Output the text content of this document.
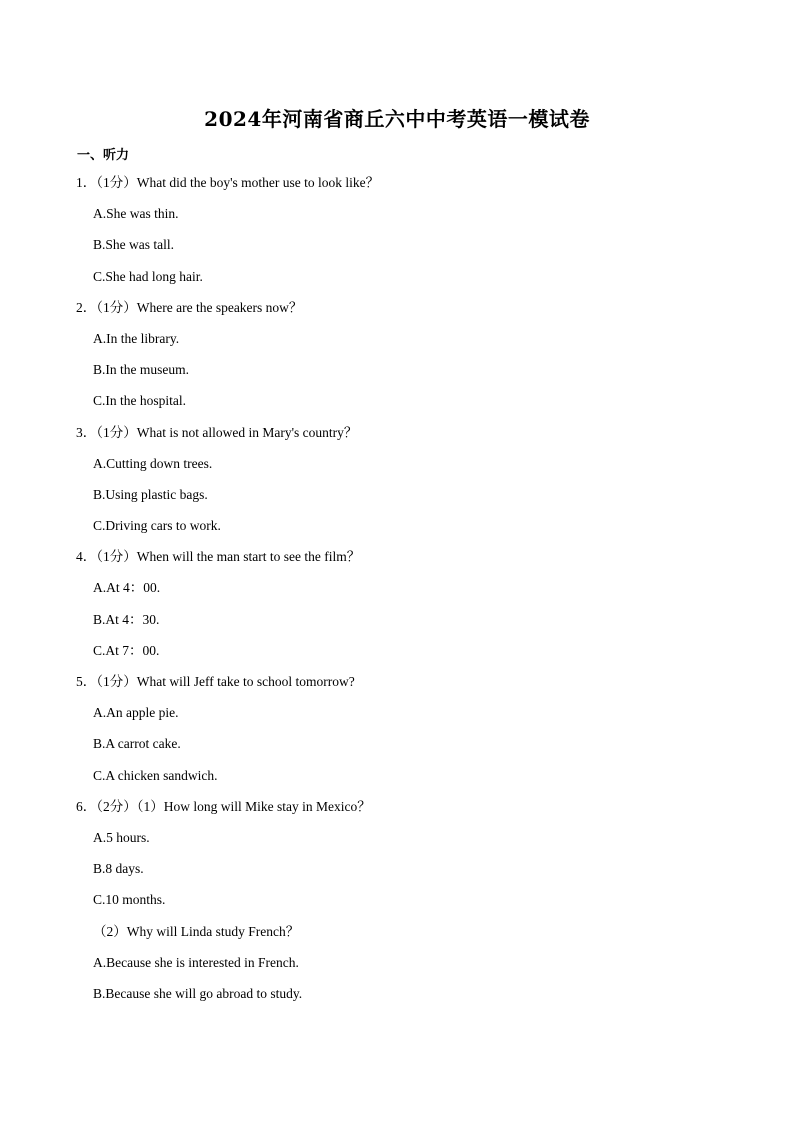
2024年河南省商丘六中中考英语一模试卷
一、听力
1．（1分）What did the boy's mother use to look like？
A.She was thin.
B.She was tall.
C.She had long hair.
2．（1分）Where are the speakers now？
A.In the library.
B.In the museum.
C.In the hospital.
3．（1分）What is not allowed in Mary's country？
A.Cutting down trees.
B.Using plastic bags.
C.Driving cars to work.
4．（1分）When will the man start to see the film？
A.At 4：00.
B.At 4：30.
C.At 7：00.
5．（1分）What will Jeff take to school tomorrow?
A.An apple pie.
B.A carrot cake.
C.A chicken sandwich.
6．（2分）（1）How long will Mike stay in Mexico？
A.5 hours.
B.8 days.
C.10 months.
（2）Why will Linda study French？
A.Because she is interested in French.
B.Because she will go abroad to study.
